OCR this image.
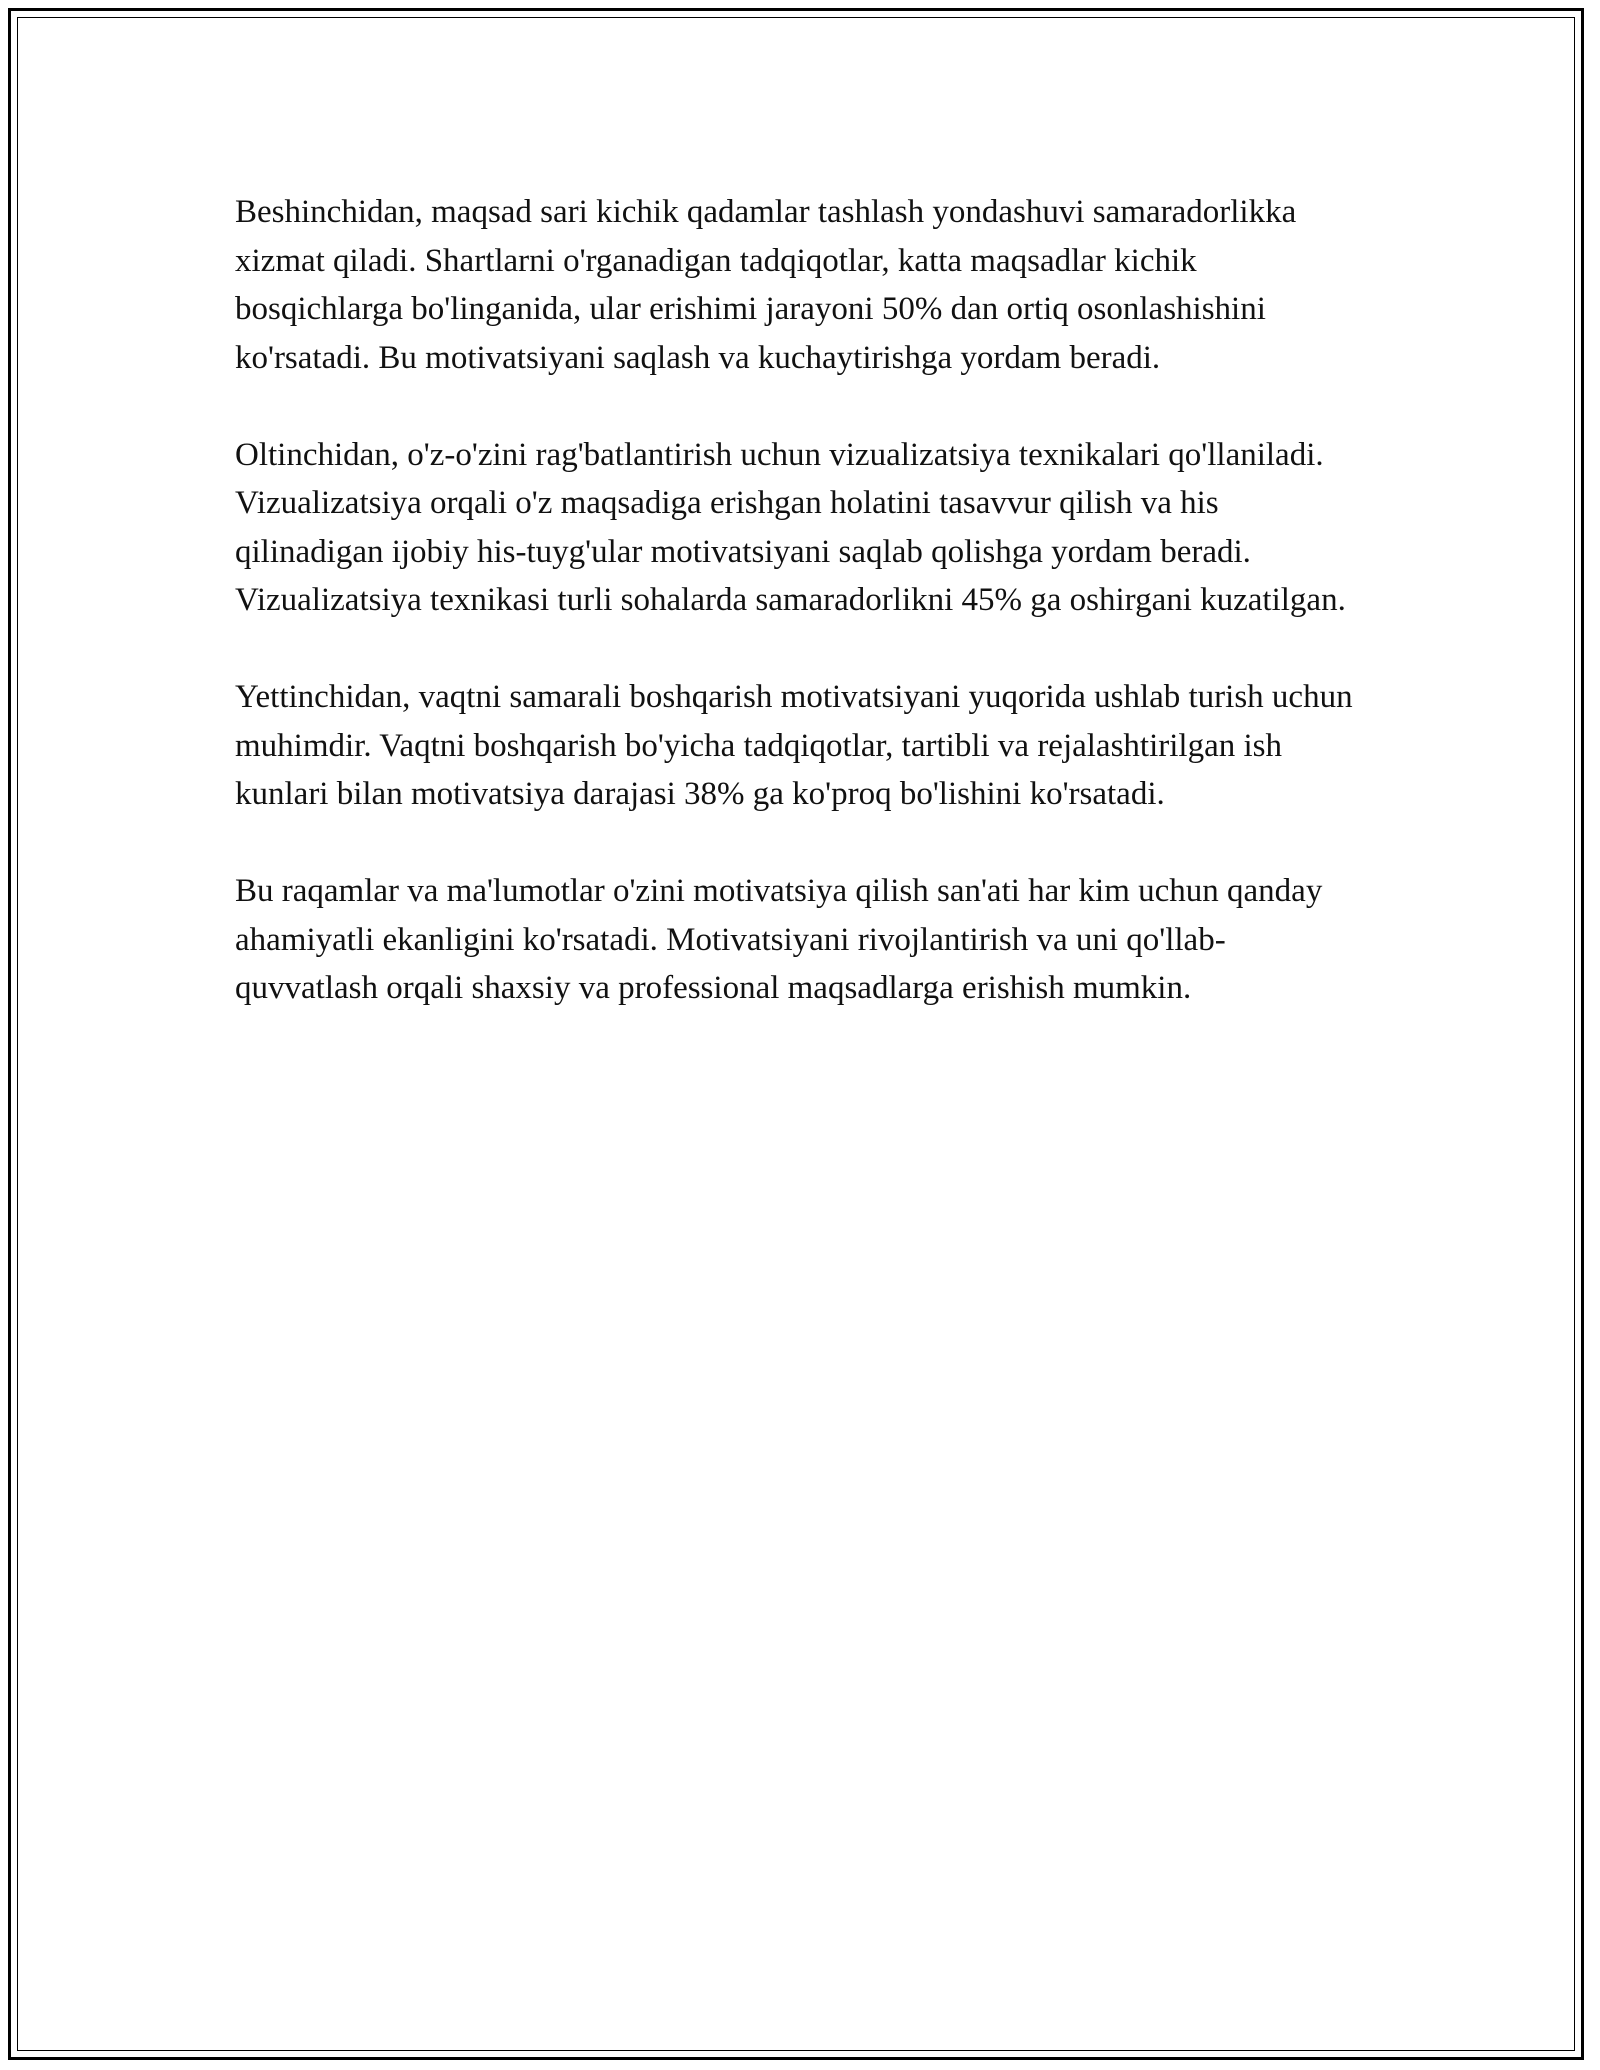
Beshinchidan, maqsad sari kichik qadamlar tashlash yondashuvi samaradorlikka xizmat qiladi. Shartlarni o'rganadigan tadqiqotlar, katta maqsadlar kichik bosqichlarga bo'linganida, ular erishimi jarayoni 50% dan ortiq osonlashishini ko'rsatadi. Bu motivatsiyani saqlash va kuchaytirishga yordam beradi.

Oltinchidan, o'z-o'zini rag'batlantirish uchun vizualizatsiya texnikalari qo'llaniladi. Vizualizatsiya orqali o'z maqsadiga erishgan holatini tasavvur qilish va his qilinadigan ijobiy his-tuyg'ular motivatsiyani saqlab qolishga yordam beradi. Vizualizatsiya texnikasi turli sohalarda samaradorlikni 45% ga oshirgani kuzatilgan.

Yettinchidan, vaqtni samarali boshqarish motivatsiyani yuqorida ushlab turish uchun muhimdir. Vaqtni boshqarish bo'yicha tadqiqotlar, tartibli va rejalashtirilgan ish kunlari bilan motivatsiya darajasi 38% ga ko'proq bo'lishini ko'rsatadi.

Bu raqamlar va ma'lumotlar o'zini motivatsiya qilish san'ati har kim uchun qanday ahamiyatli ekanligini ko'rsatadi. Motivatsiyani rivojlantirish va uni qo'llab-quvvatlash orqali shaxsiy va professional maqsadlarga erishish mumkin.
